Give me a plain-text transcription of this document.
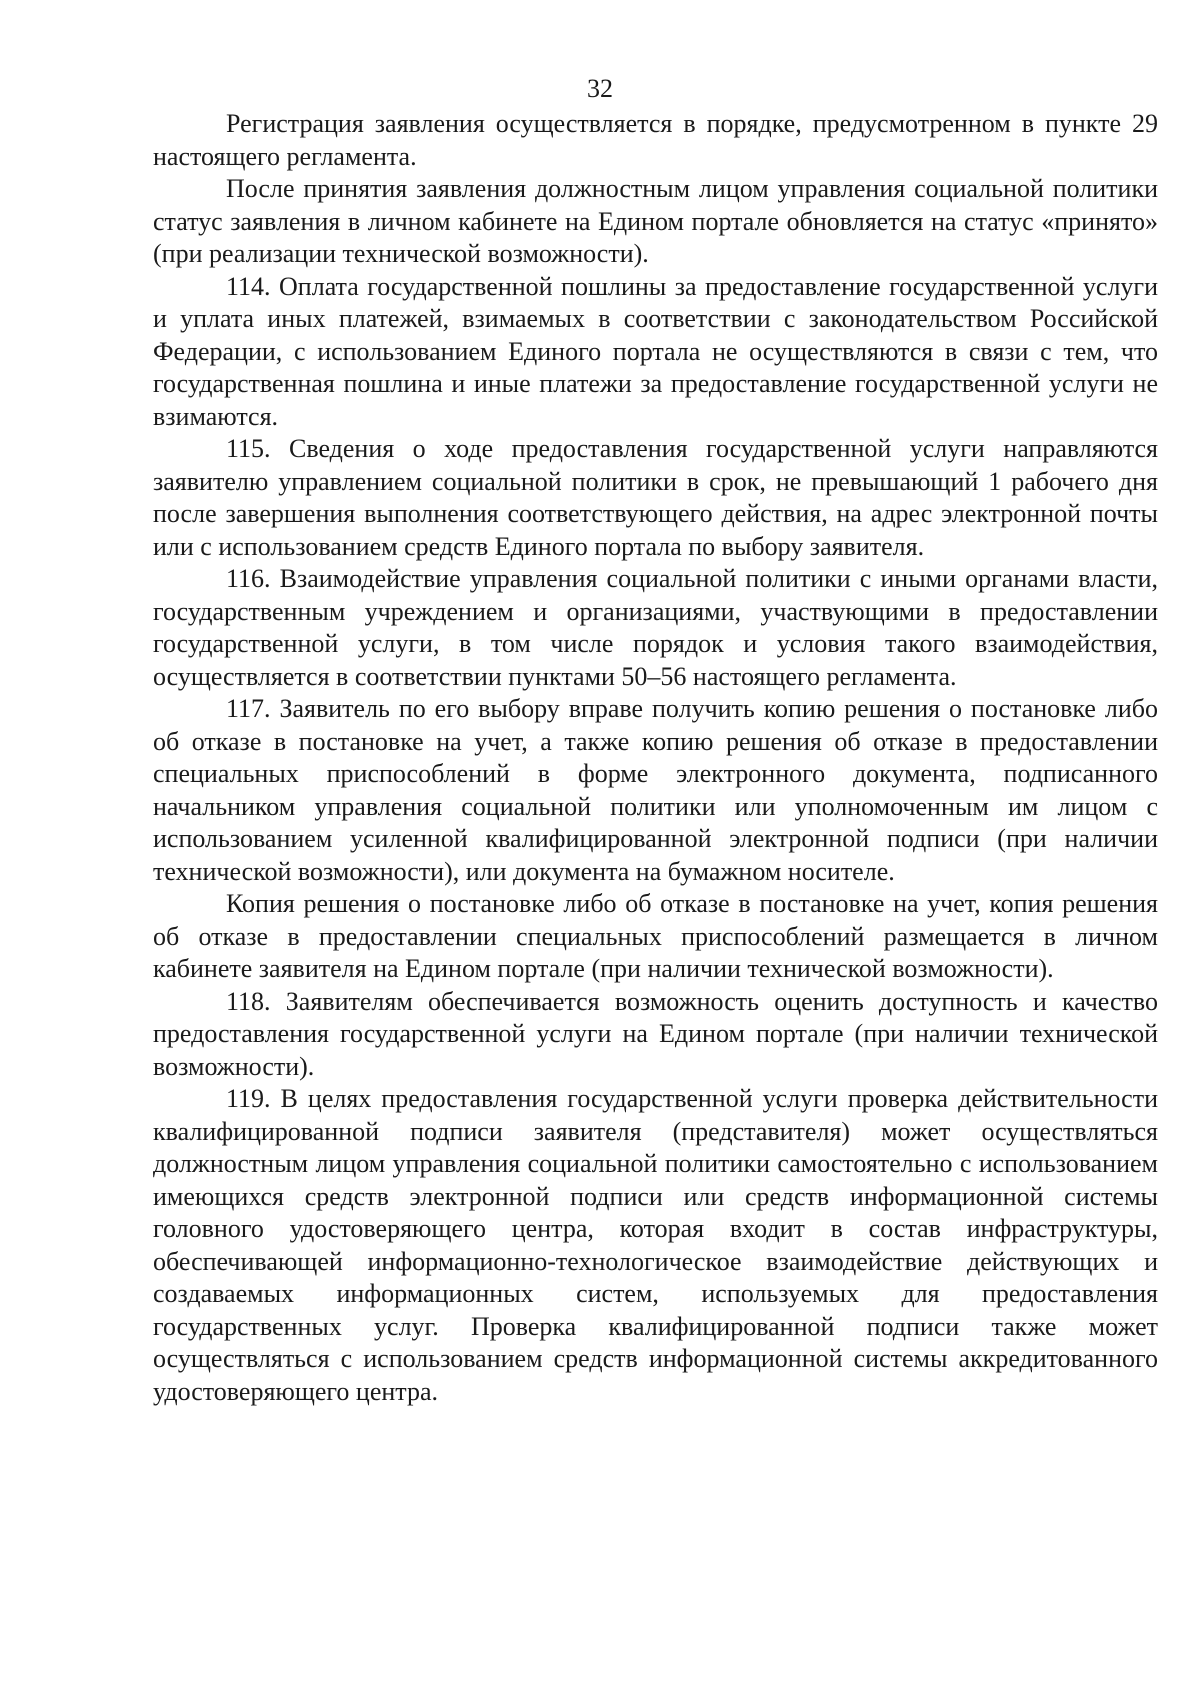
32

Регистрация заявления осуществляется в порядке, предусмотренном в пункте 29 настоящего регламента.

После принятия заявления должностным лицом управления социальной политики статус заявления в личном кабинете на Едином портале обновляется на статус «принято» (при реализации технической возможности).

114. Оплата государственной пошлины за предоставление государственной услуги и уплата иных платежей, взимаемых в соответствии с законодательством Российской Федерации, с использованием Единого портала не осуществляются в связи с тем, что государственная пошлина и иные платежи за предоставление государственной услуги не взимаются.

115. Сведения о ходе предоставления государственной услуги направляются заявителю управлением социальной политики в срок, не превышающий 1 рабочего дня после завершения выполнения соответствующего действия, на адрес электронной почты или с использованием средств Единого портала по выбору заявителя.

116. Взаимодействие управления социальной политики с иными органами власти, государственным учреждением и организациями, участвующими в предоставлении государственной услуги, в том числе порядок и условия такого взаимодействия, осуществляется в соответствии пунктами 50–56 настоящего регламента.

117. Заявитель по его выбору вправе получить копию решения о постановке либо об отказе в постановке на учет, а также копию решения об отказе в предоставлении специальных приспособлений в форме электронного документа, подписанного начальником управления социальной политики или уполномоченным им лицом с использованием усиленной квалифицированной электронной подписи (при наличии технической возможности), или документа на бумажном носителе.

Копия решения о постановке либо об отказе в постановке на учет, копия решения об отказе в предоставлении специальных приспособлений размещается в личном кабинете заявителя на Едином портале (при наличии технической возможности).

118. Заявителям обеспечивается возможность оценить доступность и качество предоставления государственной услуги на Едином портале (при наличии технической возможности).

119. В целях предоставления государственной услуги проверка действительности квалифицированной подписи заявителя (представителя) может осуществляться должностным лицом управления социальной политики самостоятельно с использованием имеющихся средств электронной подписи или средств информационной системы головного удостоверяющего центра, которая входит в состав инфраструктуры, обеспечивающей информационно-технологическое взаимодействие действующих и создаваемых информационных систем, используемых для предоставления государственных услуг. Проверка квалифицированной подписи также может осуществляться с использованием средств информационной системы аккредитованного удостоверяющего центра.
